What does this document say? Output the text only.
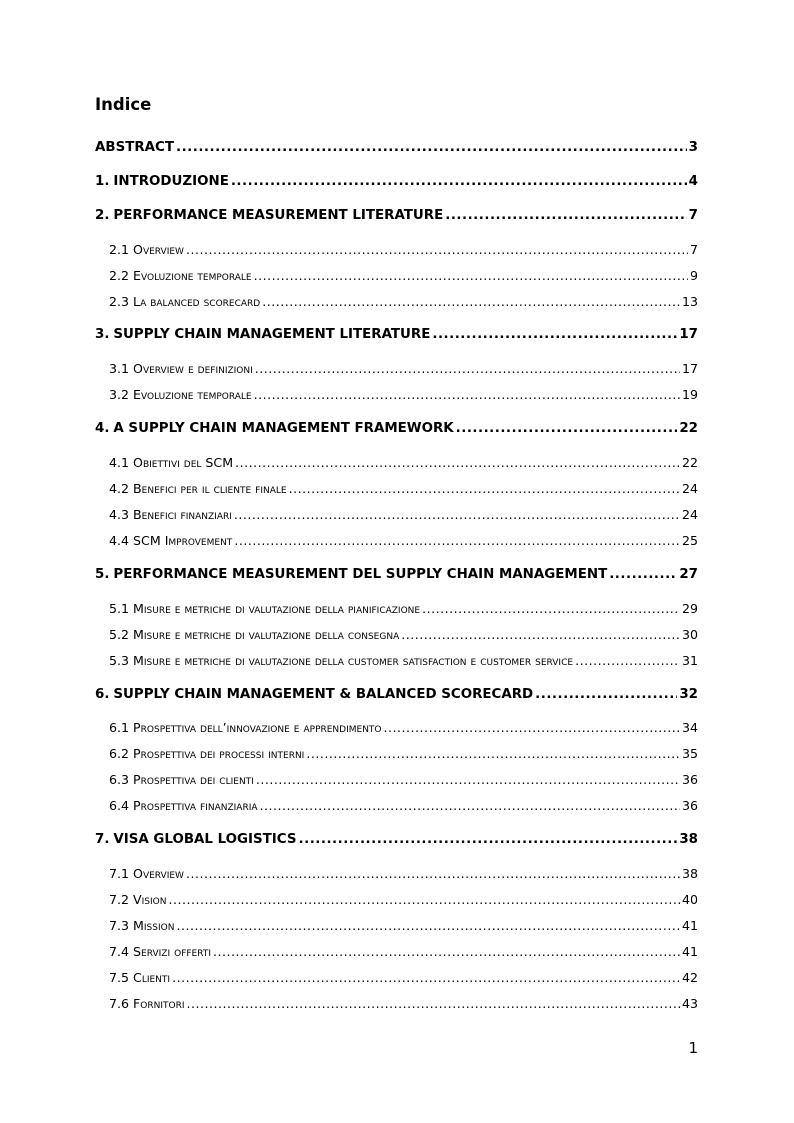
Indice
ABSTRACT .....	3
1. INTRODUZIONE .....	4
2. PERFORMANCE MEASUREMENT LITERATURE .....	7
2.1 Overview .....	7
2.2 Evoluzione temporale .....	9
2.3 La balanced scorecard .....	13
3. SUPPLY CHAIN MANAGEMENT LITERATURE .....	17
3.1 Overview e definizioni .....	17
3.2 Evoluzione temporale .....	19
4. A SUPPLY CHAIN MANAGEMENT FRAMEWORK .....	22
4.1 Obiettivi del SCM .....	22
4.2 Benefici per il cliente finale .....	24
4.3 Benefici finanziari .....	24
4.4 SCM Improvement .....	25
5. PERFORMANCE MEASUREMENT DEL SUPPLY CHAIN MANAGEMENT .....	27
5.1 Misure e metriche di valutazione della pianificazione .....	29
5.2 Misure e metriche di valutazione della consegna .....	30
5.3 Misure e metriche di valutazione della customer satisfaction e customer service .....	31
6. SUPPLY CHAIN MANAGEMENT & BALANCED SCORECARD .....	32
6.1 Prospettiva dell’innovazione e apprendimento .....	34
6.2 Prospettiva dei processi interni .....	35
6.3 Prospettiva dei clienti .....	36
6.4 Prospettiva finanziaria .....	36
7. VISA GLOBAL LOGISTICS .....	38
7.1 Overview .....	38
7.2 Vision .....	40
7.3 Mission .....	41
7.4 Servizi offerti .....	41
7.5 Clienti .....	42
7.6 Fornitori .....	43
1
